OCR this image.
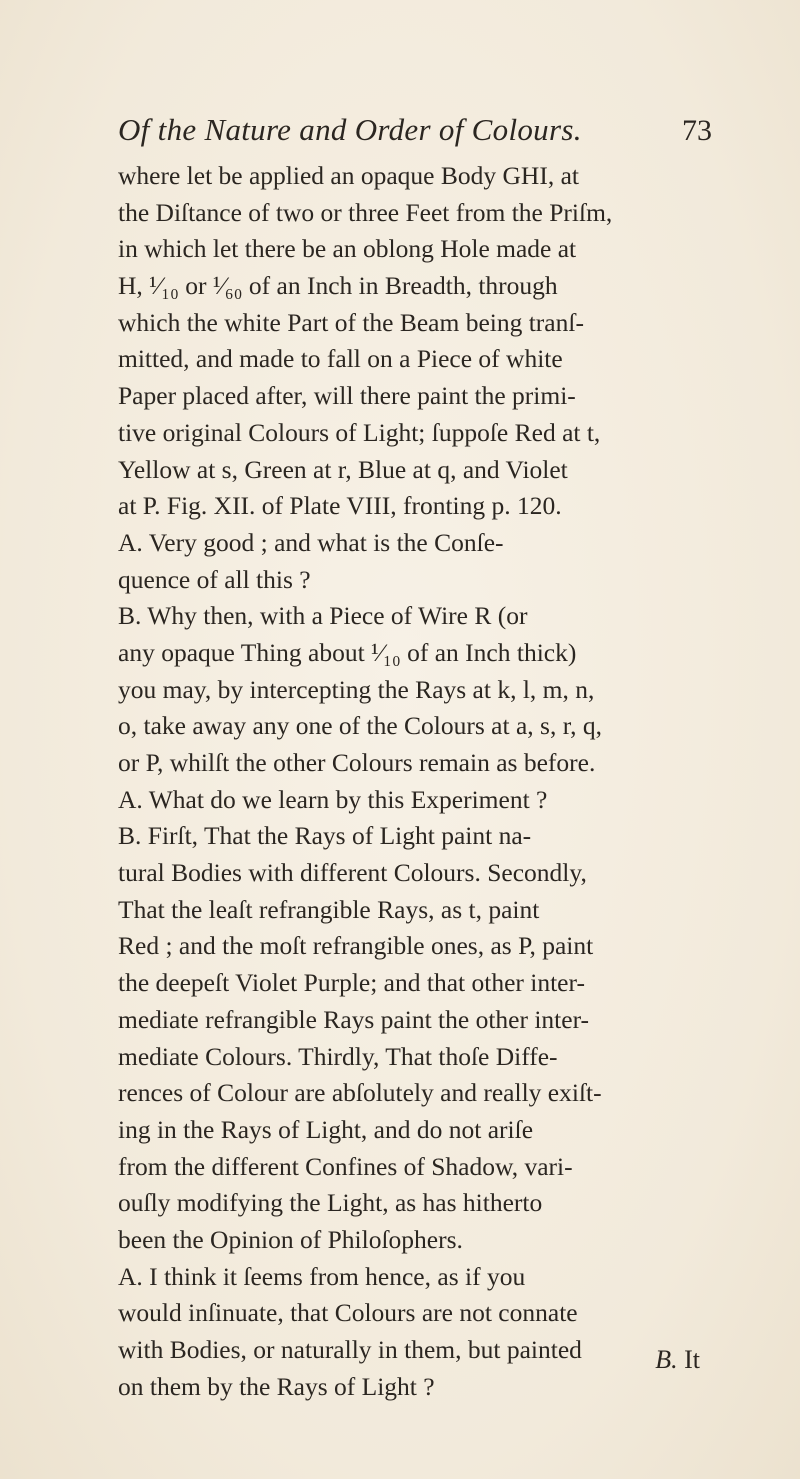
Of the Nature and Order of Colours.	73
where let be applied an opaque Body GHI, at
the Diſtance of two or three Feet from the Priſm,
in which let there be an oblong Hole made at
H, ¹⁄₁₀ or ¹⁄₆₀ of an Inch in Breadth, through
which the white Part of the Beam being tranſ-
mitted, and made to fall on a Piece of white
Paper placed after, will there paint the primi-
tive original Colours of Light; ſuppoſe Red at t,
Yellow at s, Green at r, Blue at q, and Violet
at P. Fig. XII. of Plate VIII, fronting p. 120.
A. Very good ; and what is the Conſe-
quence of all this ?
B. Why then, with a Piece of Wire R (or
any opaque Thing about ¹⁄₁₀ of an Inch thick)
you may, by intercepting the Rays at k, l, m, n,
o, take away any one of the Colours at a, s, r, q,
or P, whilſt the other Colours remain as before.
A. What do we learn by this Experiment ?
B. Firſt, That the Rays of Light paint na-
tural Bodies with different Colours. Secondly,
That the leaſt refrangible Rays, as t, paint
Red ; and the moſt refrangible ones, as P, paint
the deepeſt Violet Purple; and that other inter-
mediate refrangible Rays paint the other inter-
mediate Colours. Thirdly, That thoſe Diffe-
rences of Colour are abſolutely and really exiſt-
ing in the Rays of Light, and do not ariſe
from the different Confines of Shadow, vari-
ouſly modifying the Light, as has hitherto
been the Opinion of Philoſophers.
A. I think it ſeems from hence, as if you
would inſinuate, that Colours are not connate
with Bodies, or naturally in them, but painted
on them by the Rays of Light ?
B. It
